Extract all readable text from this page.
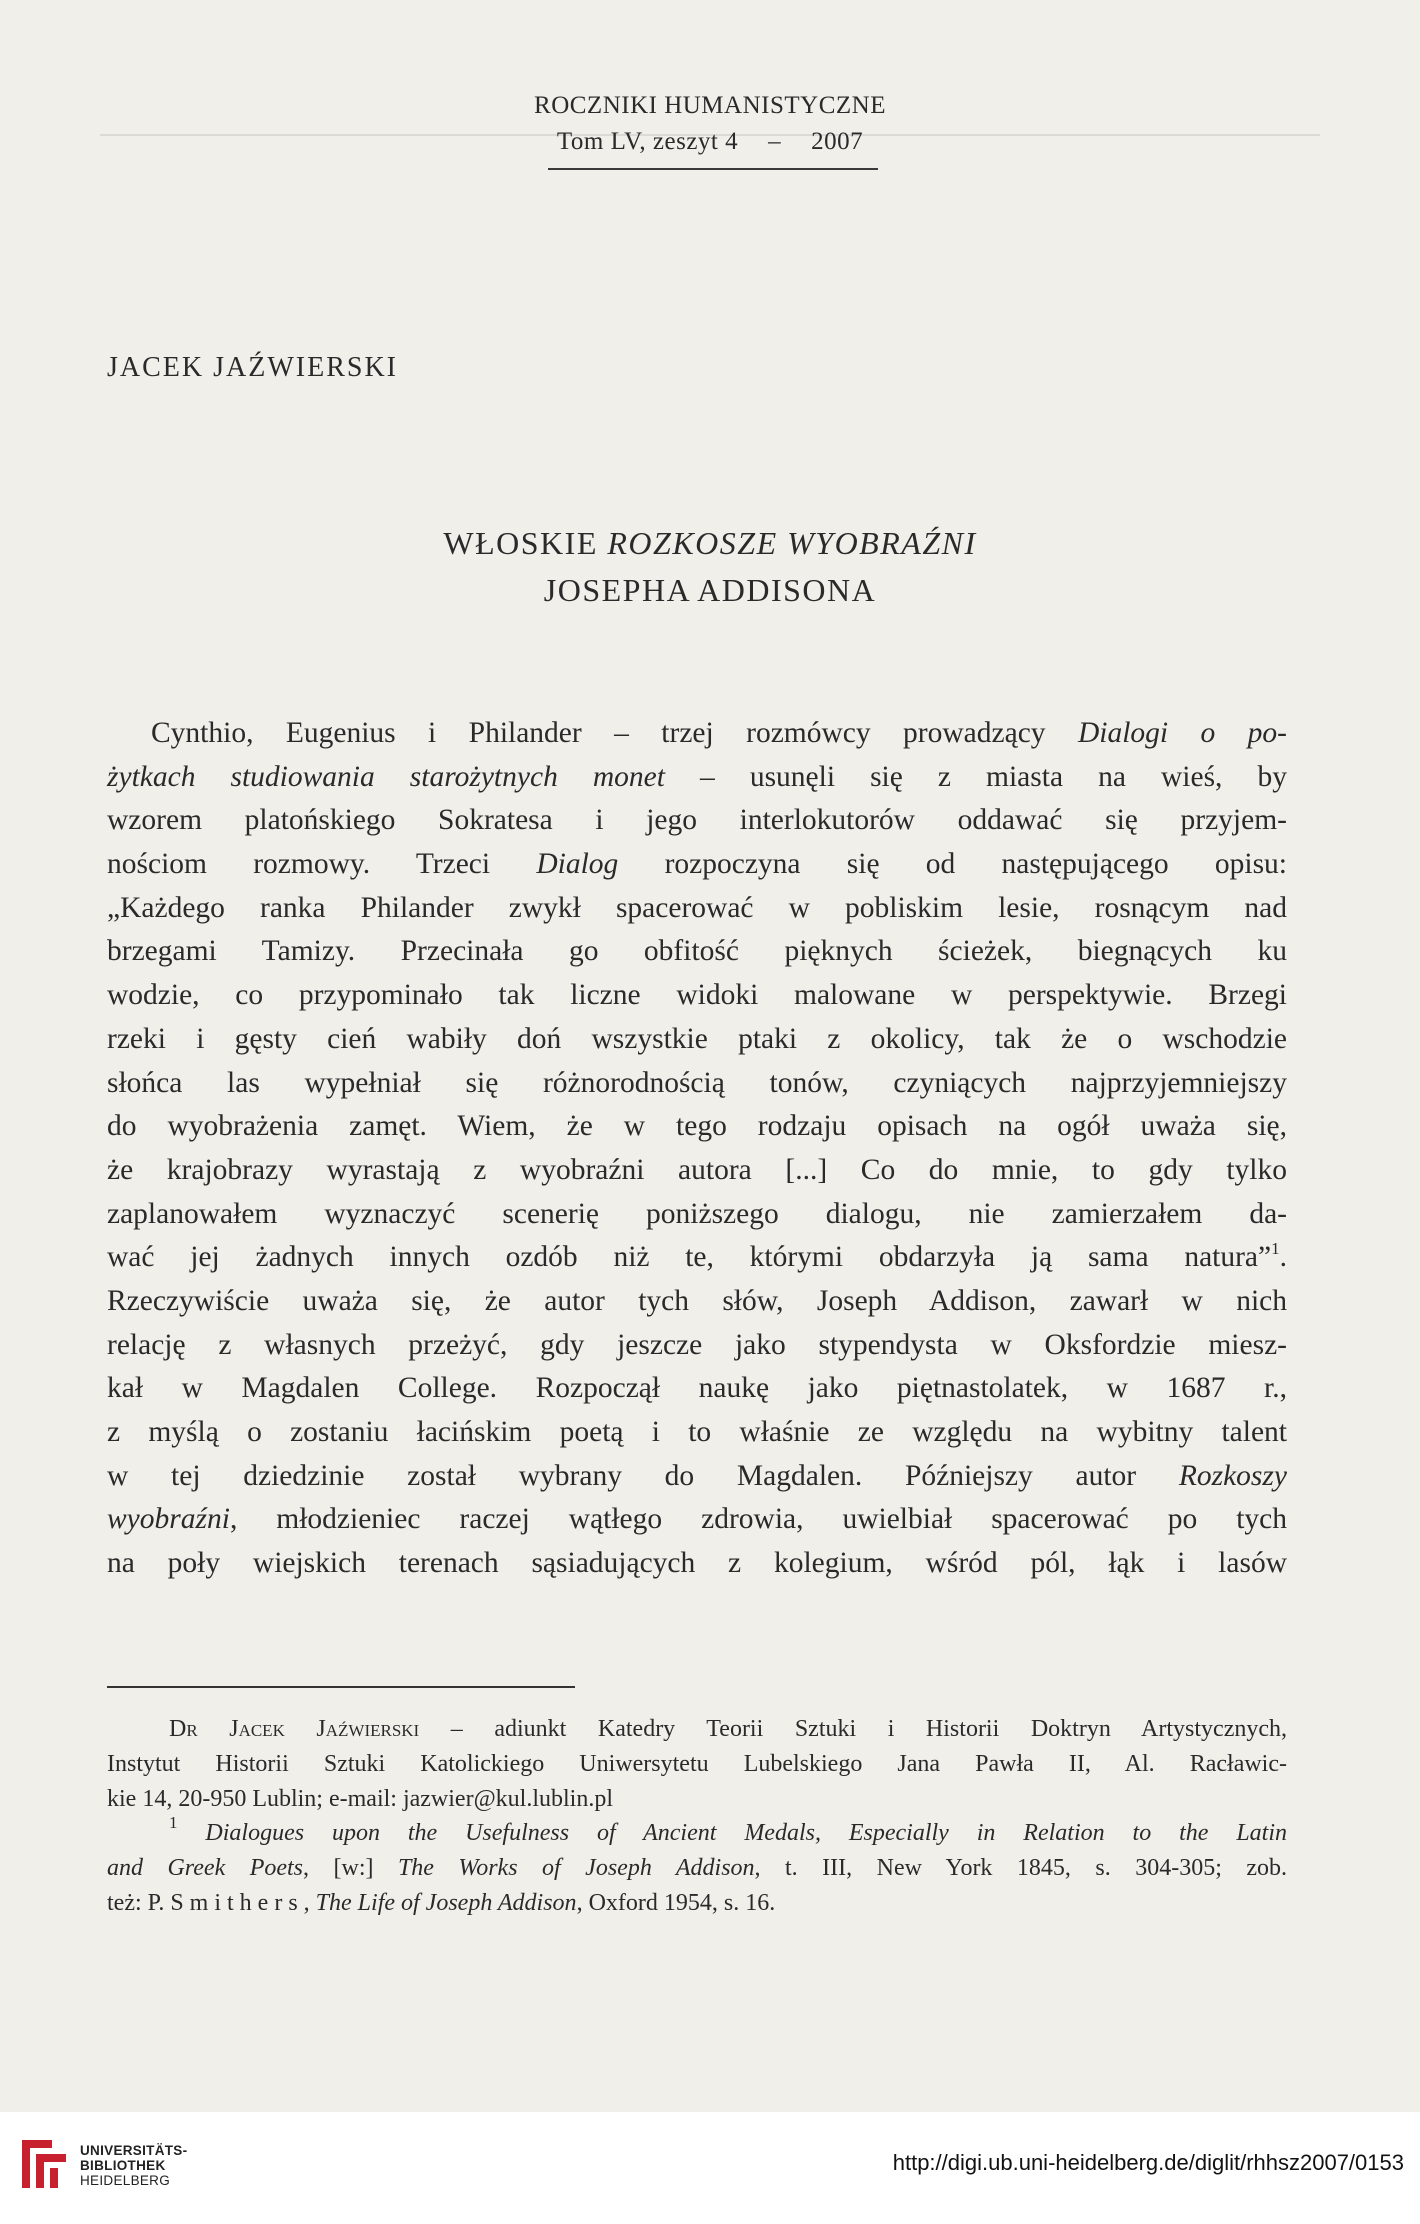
ROCZNIKI HUMANISTYCZNE
Tom LV, zeszyt 4 – 2007
JACEK JAŹWIERSKI
WŁOSKIE ROZKOSZE WYOBRAŹNI
JOSEPHA ADDISONA
Cynthio, Eugenius i Philander – trzej rozmówcy prowadzący Dialogi o po-
żytkach studiowania starożytnych monet – usunęli się z miasta na wieś, by
wzorem platońskiego Sokratesa i jego interlokutorów oddawać się przyjem-
nościom rozmowy. Trzeci Dialog rozpoczyna się od następującego opisu:
„Każdego ranka Philander zwykł spacerować w pobliskim lesie, rosnącym nad
brzegami Tamizy. Przecinała go obfitość pięknych ścieżek, biegnących ku
wodzie, co przypominało tak liczne widoki malowane w perspektywie. Brzegi
rzeki i gęsty cień wabiły doń wszystkie ptaki z okolicy, tak że o wschodzie
słońca las wypełniał się różnorodnością tonów, czyniących najprzyjemniejszy
do wyobrażenia zamęt. Wiem, że w tego rodzaju opisach na ogół uważa się,
że krajobrazy wyrastają z wyobraźni autora [...] Co do mnie, to gdy tylko
zaplanowałem wyznaczyć scenerię poniższego dialogu, nie zamierzałem da-
wać jej żadnych innych ozdób niż te, którymi obdarzyła ją sama natura”$^1$.
Rzeczywiście uważa się, że autor tych słów, Joseph Addison, zawarł w nich
relację z własnych przeżyć, gdy jeszcze jako stypendysta w Oksfordzie miesz-
kał w Magdalen College. Rozpoczął naukę jako piętnastolatek, w 1687 r.,
z myślą o zostaniu łacińskim poetą i to właśnie ze względu na wybitny talent
w tej dziedzinie został wybrany do Magdalen. Późniejszy autor Rozkoszy
wyobraźni, młodzieniec raczej wątłego zdrowia, uwielbiał spacerować po tych
na poły wiejskich terenach sąsiadujących z kolegium, wśród pól, łąk i lasów
Dr Jacek Jaźwierski – adiunkt Katedry Teorii Sztuki i Historii Doktryn Artystycznych,
Instytut Historii Sztuki Katolickiego Uniwersytetu Lubelskiego Jana Pawła II, Al. Racławic-
kie 14, 20-950 Lublin; e-mail: jazwier@kul.lublin.pl
$^1$ Dialogues upon the Usefulness of Ancient Medals, Especially in Relation to the Latin
and Greek Poets, [w:] The Works of Joseph Addison, t. III, New York 1845, s. 304-305; zob.
też: P. Smithers, The Life of Joseph Addison, Oxford 1954, s. 16.
UNIVERSITÄTS-
BIBLIOTHEK
HEIDELBERG
http://digi.ub.uni-heidelberg.de/diglit/rhhsz2007/0153
